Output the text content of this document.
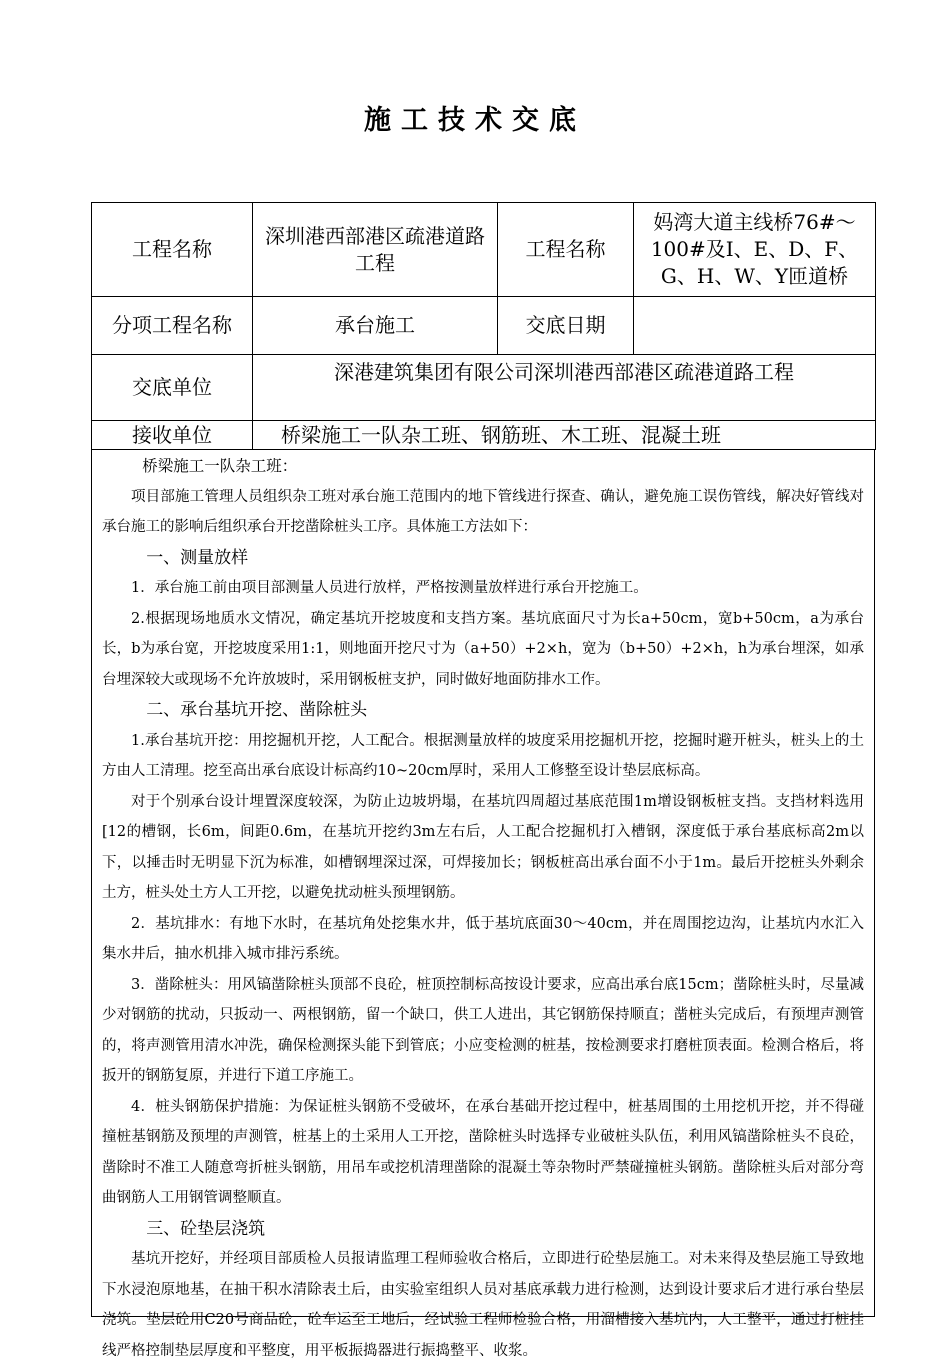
施工技术交底
工程名称	深圳港西部港区疏港道路工程	工程名称	妈湾大道主线桥76#～100#及I、E、D、F、G、H、W、Y匝道桥
分项工程名称	承台施工	交底日期	
交底单位	深港建筑集团有限公司深圳港西部港区疏港道路工程		
接收单位	桥梁施工一队杂工班、钢筋班、木工班、混凝土班		

桥梁施工一队杂工班：

项目部施工管理人员组织杂工班对承台施工范围内的地下管线进行探查、确认，避免施工误伤管线，解决好管线对承台施工的影响后组织承台开挖凿除桩头工序。具体施工方法如下：

一、测量放样

1．承台施工前由项目部测量人员进行放样，严格按测量放样进行承台开挖施工。

2.根据现场地质水文情况，确定基坑开挖坡度和支挡方案。基坑底面尺寸为长a+50cm，宽b+50cm，a为承台长，b为承台宽，开挖坡度采用1:1，则地面开挖尺寸为（a+50）+2×h，宽为（b+50）+2×h，h为承台埋深，如承台埋深较大或现场不允许放坡时，采用钢板桩支护，同时做好地面防排水工作。

二、承台基坑开挖、凿除桩头

1.承台基坑开挖：用挖掘机开挖，人工配合。根据测量放样的坡度采用挖掘机开挖，挖掘时避开桩头，桩头上的土方由人工清理。挖至高出承台底设计标高约10~20cm厚时，采用人工修整至设计垫层底标高。

对于个别承台设计埋置深度较深，为防止边坡坍塌，在基坑四周超过基底范围1m增设钢板桩支挡。支挡材料选用[12的槽钢，长6m，间距0.6m，在基坑开挖约3m左右后，人工配合挖掘机打入槽钢，深度低于承台基底标高2m以下，以捶击时无明显下沉为标准，如槽钢埋深过深，可焊接加长；钢板桩高出承台面不小于1m。最后开挖桩头外剩余土方，桩头处土方人工开挖，以避免扰动桩头预埋钢筋。

2．基坑排水：有地下水时，在基坑角处挖集水井，低于基坑底面30～40cm，并在周围挖边沟，让基坑内水汇入集水井后，抽水机排入城市排污系统。

3．凿除桩头：用风镐凿除桩头顶部不良砼，桩顶控制标高按设计要求，应高出承台底15cm；凿除桩头时，尽量减少对钢筋的扰动，只扳动一、两根钢筋，留一个缺口，供工人进出，其它钢筋保持顺直；凿桩头完成后，有预埋声测管的，将声测管用清水冲洗，确保检测探头能下到管底；小应变检测的桩基，按检测要求打磨桩顶表面。检测合格后，将扳开的钢筋复原，并进行下道工序施工。

4．桩头钢筋保护措施：为保证桩头钢筋不受破坏，在承台基础开挖过程中，桩基周围的土用挖机开挖，并不得碰撞桩基钢筋及预埋的声测管，桩基上的土采用人工开挖，凿除桩头时选择专业破桩头队伍，利用风镐凿除桩头不良砼，凿除时不准工人随意弯折桩头钢筋，用吊车或挖机清理凿除的混凝土等杂物时严禁碰撞桩头钢筋。凿除桩头后对部分弯曲钢筋人工用钢管调整顺直。

三、砼垫层浇筑

基坑开挖好，并经项目部质检人员报请监理工程师验收合格后，立即进行砼垫层施工。对未来得及垫层施工导致地下水浸泡原地基，在抽干积水清除表土后，由实验室组织人员对基底承载力进行检测，达到设计要求后才进行承台垫层浇筑。垫层砼用C20号商品砼，砼车运至工地后，经试验工程师检验合格，用溜槽接入基坑内，人工整平，通过打桩挂线严格控制垫层厚度和平整度，用平板振捣器进行振捣整平、收浆。
